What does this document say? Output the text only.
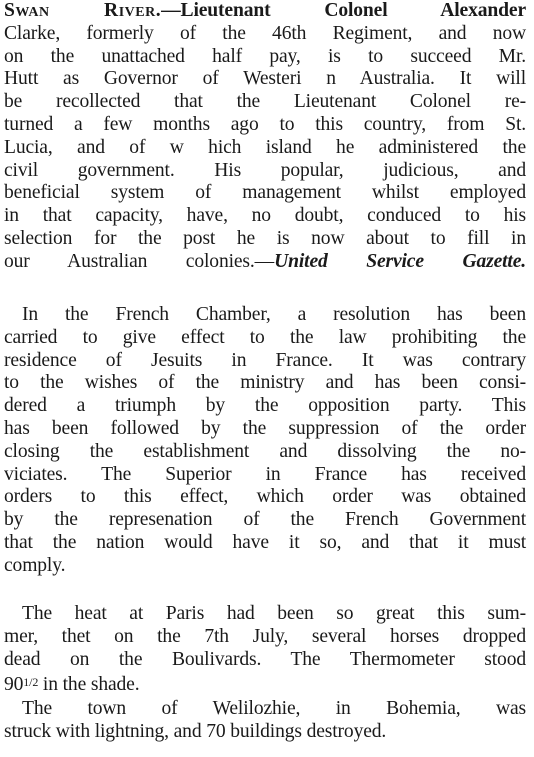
Swan River.—Lieutenant Colonel Alexander
Clarke, formerly of the 46th Regiment, and now
on the unattached half pay, is to succeed Mr.
Hutt as Governor of Westeri n Australia. It will
be recollected that the Lieutenant Colonel re-
turned a few months ago to this country, from St.
Lucia, and of w hich island he administered the
civil government. His popular, judicious, and
beneficial system of management whilst employed
in that capacity, have, no doubt, conduced to his
selection for the post he is now about to fill in
our Australian colonies.—United Service Gazette.
In the French Chamber, a resolution has been
carried to give effect to the law prohibiting the
residence of Jesuits in France. It was contrary
to the wishes of the ministry and has been consi-
dered a triumph by the opposition party. This
has been followed by the suppression of the order
closing the establishment and dissolving the no-
viciates. The Superior in France has received
orders to this effect, which order was obtained
by the represenation of the French Government
that the nation would have it so, and that it must
comply.
The heat at Paris had been so great this sum-
mer, thet on the 7th July, several horses dropped
dead on the Boulivards. The Thermometer stood
$90^{1/2}$ in the shade.
The town of Welilozhie, in Bohemia, was
struck with lightning, and 70 buildings destroyed.
